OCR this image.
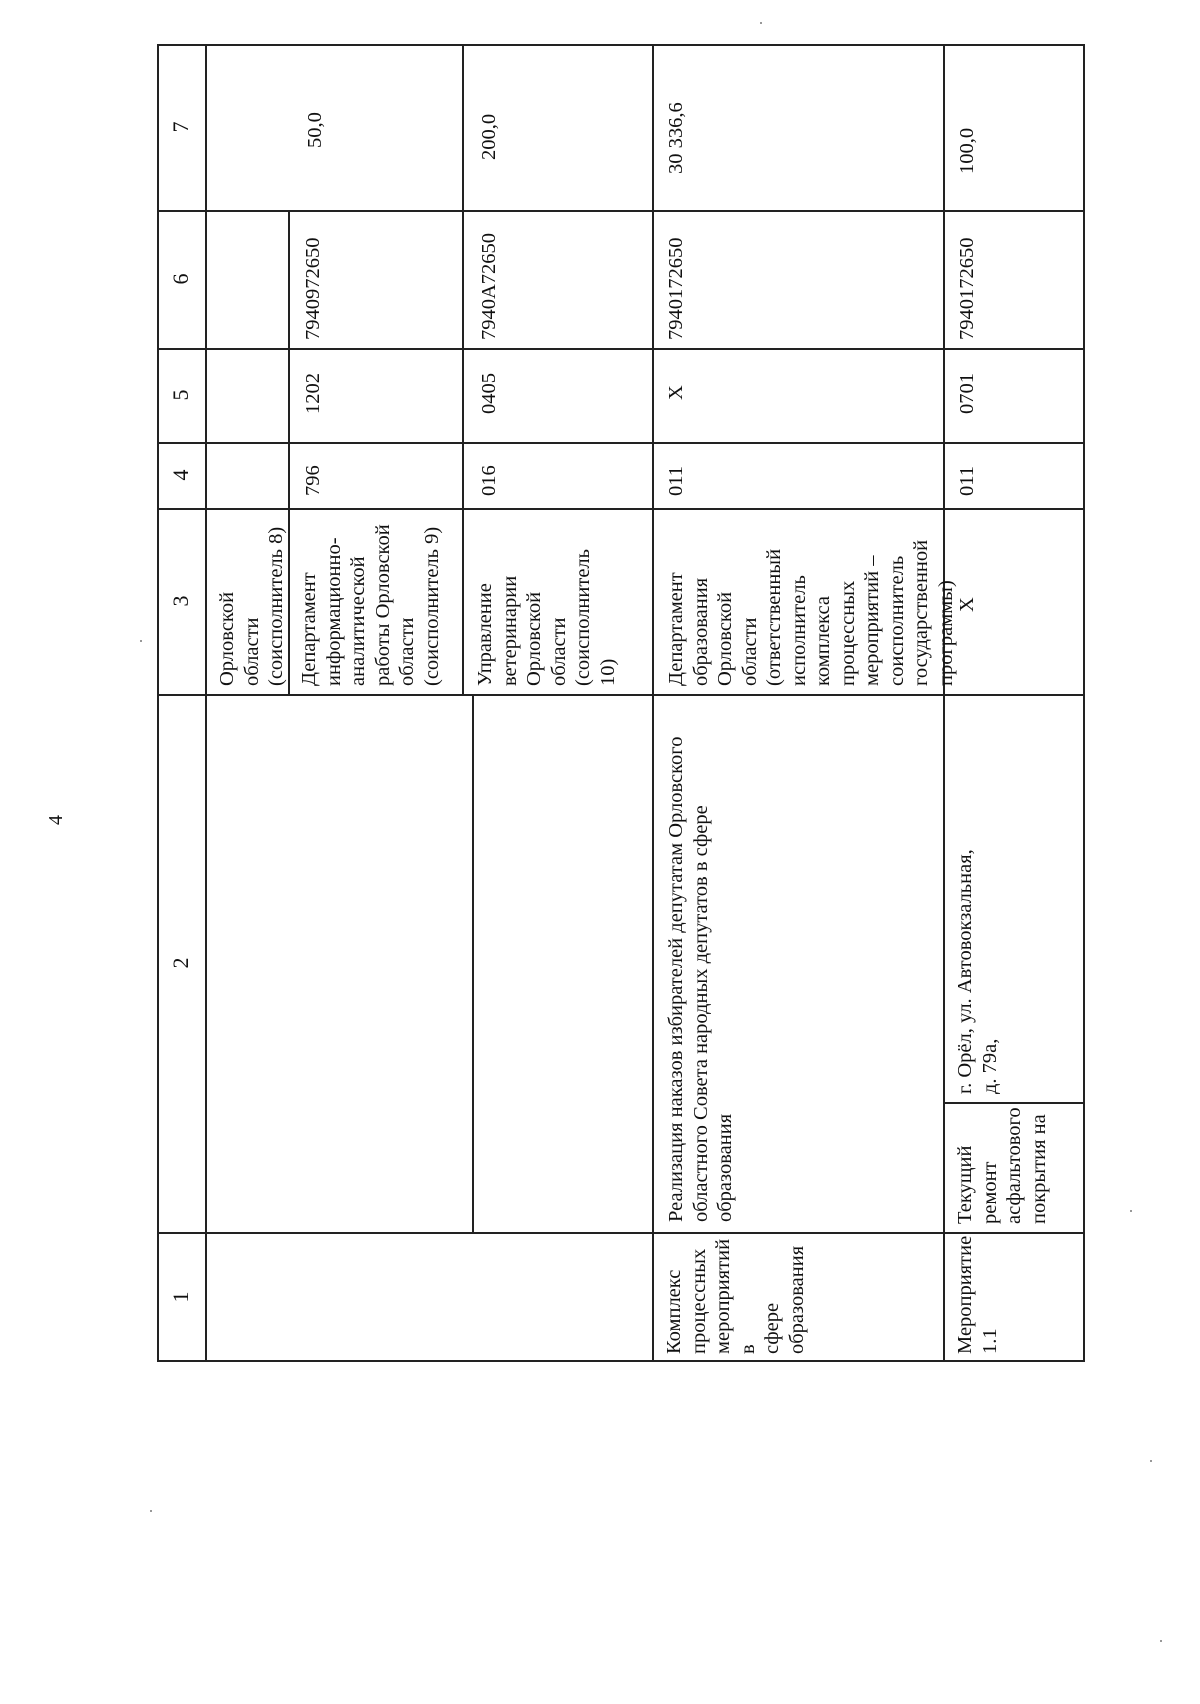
4
7
6
5
4
3
2
1
Орловской
области
(соисполнитель 8)
Департамент
информационно-
аналитической
работы Орловской
области
(соисполнитель 9)
796
1202
7940972650
50,0
Управление
ветеринарии
Орловской
области
(соисполнитель
10)
016
0405
7940А72650
200,0
Реализация наказов избирателей депутатам Орловского
областного Совета народных депутатов в сфере
образования
Департамент
образования
Орловской
области
(ответственный
исполнитель
комплекса
процессных
мероприятий –
соисполнитель
государственной
программы)
011
Х
7940172650
30 336,6
Х
011
0701
7940172650
100,0
Комплекс
процессных
мероприятий в
сфере
образования	Мероприятие
1.1
Текущий ремонт
асфальтового покрытия на
г. Орёл, ул. Автовокзальная,
д. 79а,
